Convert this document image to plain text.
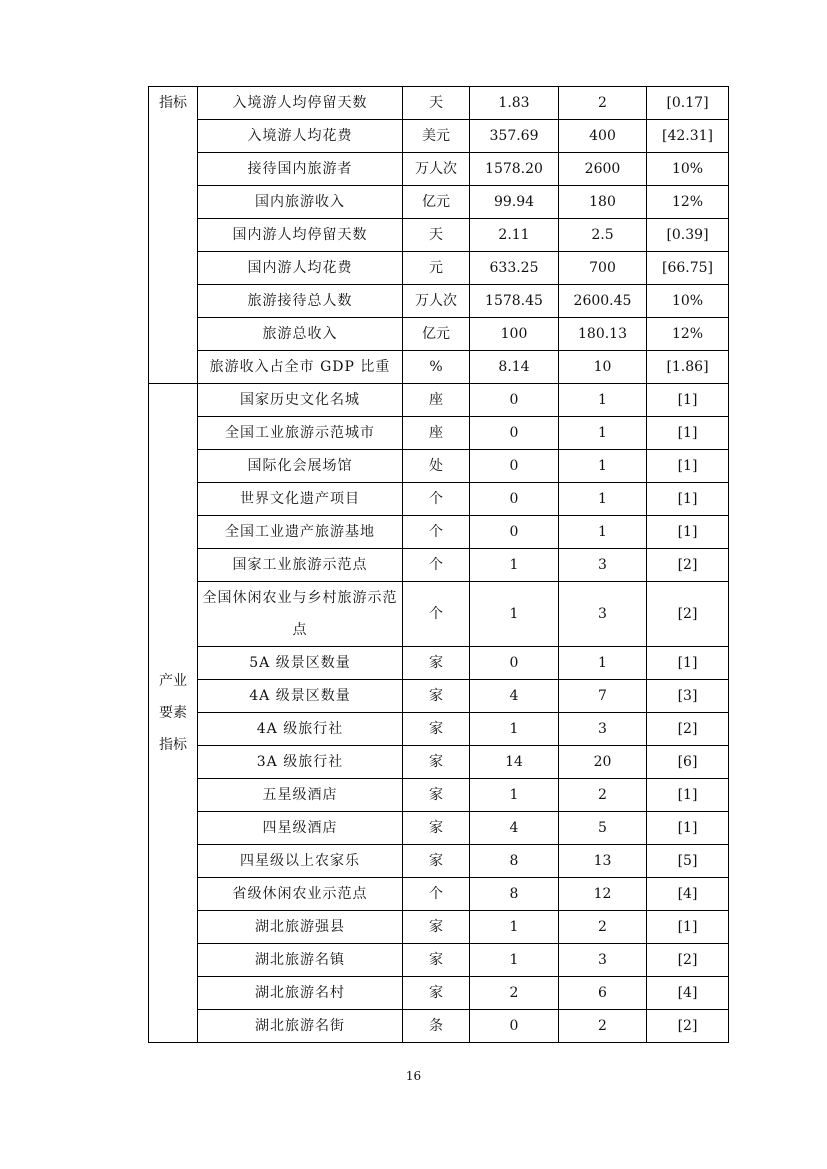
指标	入境游人均停留天数	天	1.83	2	[0.17]
	入境游人均花费	美元	357.69	400	[42.31]
	接待国内旅游者	万人次	1578.20	2600	10%
	国内旅游收入	亿元	99.94	180	12%
	国内游人均停留天数	天	2.11	2.5	[0.39]
	国内游人均花费	元	633.25	700	[66.75]
	旅游接待总人数	万人次	1578.45	2600.45	10%
	旅游总收入	亿元	100	180.13	12%
	旅游收入占全市 GDP 比重	%	8.14	10	[1.86]

产业
要素
指标	国家历史文化名城	座	0	1	[1]
	全国工业旅游示范城市	座	0	1	[1]
	国际化会展场馆	处	0	1	[1]
	世界文化遗产项目	个	0	1	[1]
	全国工业遗产旅游基地	个	0	1	[1]
	国家工业旅游示范点	个	1	3	[2]
	全国休闲农业与乡村旅游示范点	个	1	3	[2]
	5A 级景区数量	家	0	1	[1]
	4A 级景区数量	家	4	7	[3]
	4A 级旅行社	家	1	3	[2]
	3A 级旅行社	家	14	20	[6]
	五星级酒店	家	1	2	[1]
	四星级酒店	家	4	5	[1]
	四星级以上农家乐	家	8	13	[5]
	省级休闲农业示范点	个	8	12	[4]
	湖北旅游强县	家	1	2	[1]
	湖北旅游名镇	家	1	3	[2]
	湖北旅游名村	家	2	6	[4]
	湖北旅游名街	条	0	2	[2]
16
